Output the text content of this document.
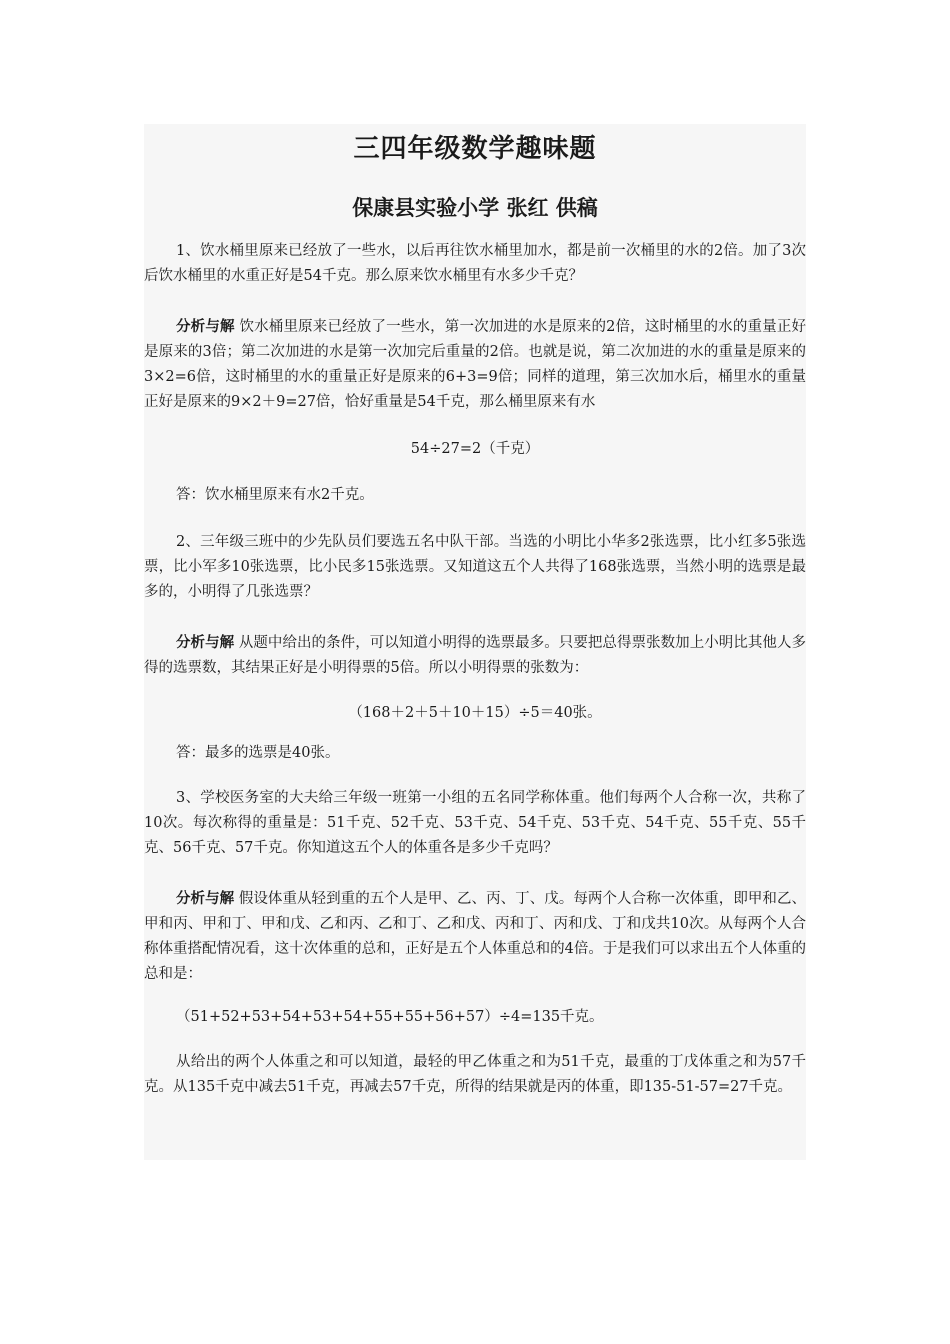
三四年级数学趣味题
保康县实验小学 张红 供稿

1、饮水桶里原来已经放了一些水，以后再往饮水桶里加水，都是前一次桶里的水的2倍。加了3次后饮水桶里的水重正好是54千克。那么原来饮水桶里有水多少千克？

分析与解 饮水桶里原来已经放了一些水，第一次加进的水是原来的2倍，这时桶里的水的重量正好是原来的3倍；第二次加进的水是第一次加完后重量的2倍。也就是说，第二次加进的水的重量是原来的3×2=6倍，这时桶里的水的重量正好是原来的6+3=9倍；同样的道理，第三次加水后，桶里水的重量正好是原来的9×2＋9=27倍，恰好重量是54千克，那么桶里原来有水

54÷27=2（千克）

答：饮水桶里原来有水2千克。

2、三年级三班中的少先队员们要选五名中队干部。当选的小明比小华多2张选票，比小红多5张选票，比小军多10张选票，比小民多15张选票。又知道这五个人共得了168张选票，当然小明的选票是最多的，小明得了几张选票？

分析与解 从题中给出的条件，可以知道小明得的选票最多。只要把总得票张数加上小明比其他人多得的选票数，其结果正好是小明得票的5倍。所以小明得票的张数为：

（168＋2＋5＋10＋15）÷5＝40张。

答：最多的选票是40张。

3、学校医务室的大夫给三年级一班第一小组的五名同学称体重。他们每两个人合称一次，共称了10次。每次称得的重量是：51千克、52千克、53千克、54千克、53千克、54千克、55千克、55千克、56千克、57千克。你知道这五个人的体重各是多少千克吗？

分析与解 假设体重从轻到重的五个人是甲、乙、丙、丁、戊。每两个人合称一次体重，即甲和乙、甲和丙、甲和丁、甲和戊、乙和丙、乙和丁、乙和戊、丙和丁、丙和戊、丁和戊共10次。从每两个人合称体重搭配情况看，这十次体重的总和，正好是五个人体重总和的4倍。于是我们可以求出五个人体重的总和是：

（51+52+53+54+53+54+55+55+56+57）÷4=135千克。

从给出的两个人体重之和可以知道，最轻的甲乙体重之和为51千克，最重的丁戊体重之和为57千克。从135千克中减去51千克，再减去57千克，所得的结果就是丙的体重，即135-51-57=27千克。
